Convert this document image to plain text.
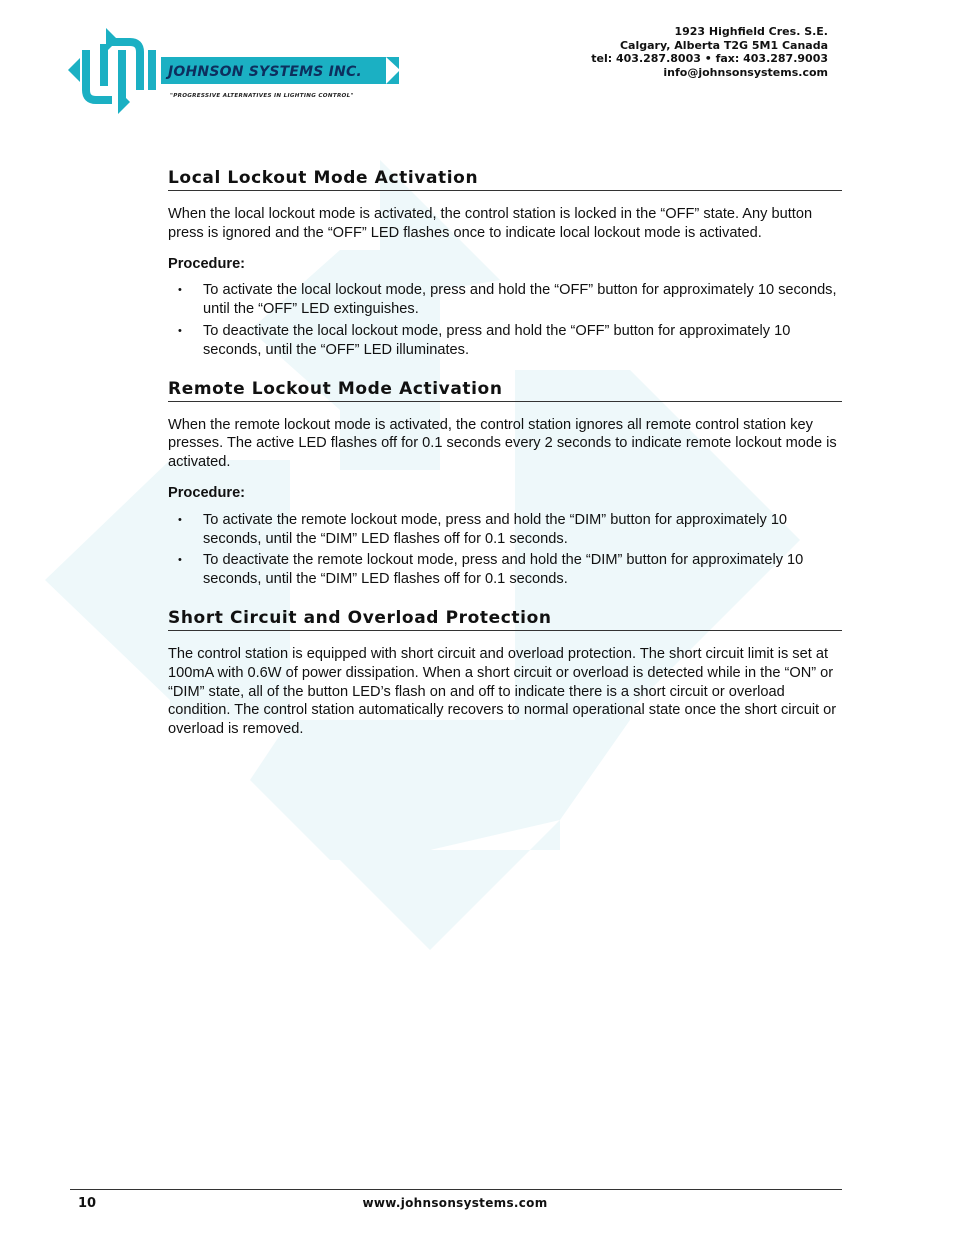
JOHNSON SYSTEMS INC.
"PROGRESSIVE ALTERNATIVES IN LIGHTING CONTROL"
1923 Highfield Cres. S.E.
Calgary, Alberta T2G 5M1 Canada
tel: 403.287.8003 • fax: 403.287.9003
info@johnsonsystems.com
Local Lockout Mode Activation

When the local lockout mode is activated, the control station is locked in the “OFF” state. Any button press is ignored and the “OFF” LED flashes once to indicate local lockout mode is activated.

Procedure:

• To activate the local lockout mode, press and hold the “OFF” button for approximately 10 seconds, until the “OFF” LED extinguishes.
• To deactivate the local lockout mode, press and hold the “OFF” button for approximately 10 seconds, until the “OFF” LED illuminates.
Remote Lockout Mode Activation

When the remote lockout mode is activated, the control station ignores all remote control station key presses. The active LED flashes off for 0.1 seconds every 2 seconds to indicate remote lockout mode is activated.

Procedure:

• To activate the remote lockout mode, press and hold the “DIM” button for approximately 10 seconds, until the “DIM” LED flashes off for 0.1 seconds.
• To deactivate the remote lockout mode, press and hold the “DIM” button for approximately 10 seconds, until the “DIM” LED flashes off for 0.1 seconds.
Short Circuit and Overload Protection

The control station is equipped with short circuit and overload protection. The short circuit limit is set at 100mA with 0.6W of power dissipation. When a short circuit or overload is detected while in the “ON” or “DIM” state, all of the button LED’s flash on and off to indicate there is a short circuit or overload condition. The control station automatically recovers to normal operational state once the short circuit or overload is removed.

10	www.johnsonsystems.com
